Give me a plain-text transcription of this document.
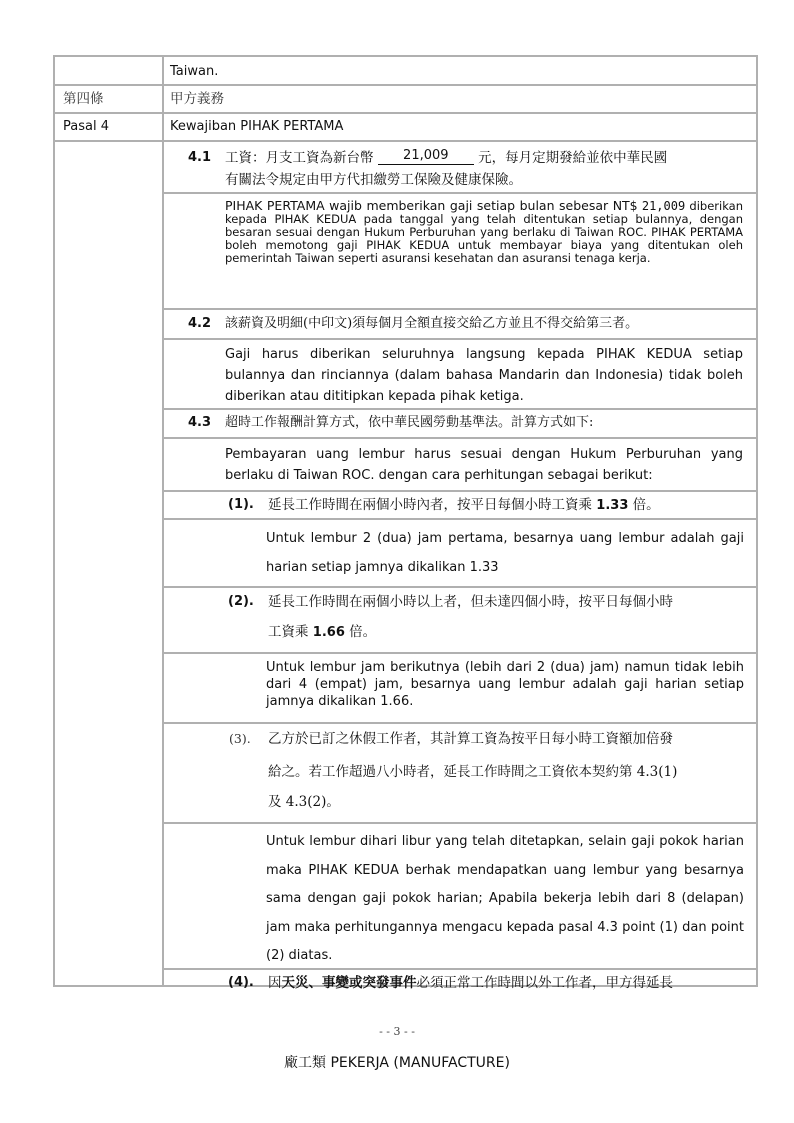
Taiwan.
第四條	甲方義務
Pasal 4	Kewajiban PIHAK PERTAMA
4.1 工資：月支工資為新台幣 21,009 元，每月定期發給並依中華民國
有關法令規定由甲方代扣繳勞工保險及健康保險。
PIHAK PERTAMA wajib memberikan gaji setiap bulan sebesar NT$ 21,009 diberikan kepada PIHAK KEDUA pada tanggal yang telah ditentukan setiap bulannya, dengan besaran sesuai dengan Hukum Perburuhan yang berlaku di Taiwan ROC. PIHAK PERTAMA boleh memotong gaji PIHAK KEDUA untuk membayar biaya yang ditentukan oleh pemerintah Taiwan seperti asuransi kesehatan dan asuransi tenaga kerja.
4.2 該薪資及明細(中印文)須每個月全額直接交給乙方並且不得交給第三者。
Gaji harus diberikan seluruhnya langsung kepada PIHAK KEDUA setiap bulannya dan rinciannya (dalam bahasa Mandarin dan Indonesia) tidak boleh diberikan atau dititipkan kepada pihak ketiga.
4.3 超時工作報酬計算方式，依中華民國勞動基準法。計算方式如下:
Pembayaran uang lembur harus sesuai dengan Hukum Perburuhan yang berlaku di Taiwan ROC. dengan cara perhitungan sebagai berikut:
(1). 延長工作時間在兩個小時內者，按平日每個小時工資乘 1.33 倍。
Untuk lembur 2 (dua) jam pertama, besarnya uang lembur adalah gaji harian setiap jamnya dikalikan 1.33
(2). 延長工作時間在兩個小時以上者，但未達四個小時，按平日每個小時
工資乘 1.66 倍。
Untuk lembur jam berikutnya (lebih dari 2 (dua) jam) namun tidak lebih dari 4 (empat) jam, besarnya uang lembur adalah gaji harian setiap jamnya dikalikan 1.66.
(3). 乙方於已訂之休假工作者，其計算工資為按平日每小時工資額加倍發
給之。若工作超過八小時者，延長工作時間之工資依本契約第 4.3(1)
及 4.3(2)。
Untuk lembur dihari libur yang telah ditetapkan, selain gaji pokok harian maka PIHAK KEDUA berhak mendapatkan uang lembur yang besarnya sama dengan gaji pokok harian; Apabila bekerja lebih dari 8 (delapan) jam maka perhitungannya mengacu kepada pasal 4.3 point (1) dan point (2) diatas.
(4). 因天災、事變或突發事件必須正常工作時間以外工作者，甲方得延長
- - 3 - -
廠工類 PEKERJA (MANUFACTURE)
